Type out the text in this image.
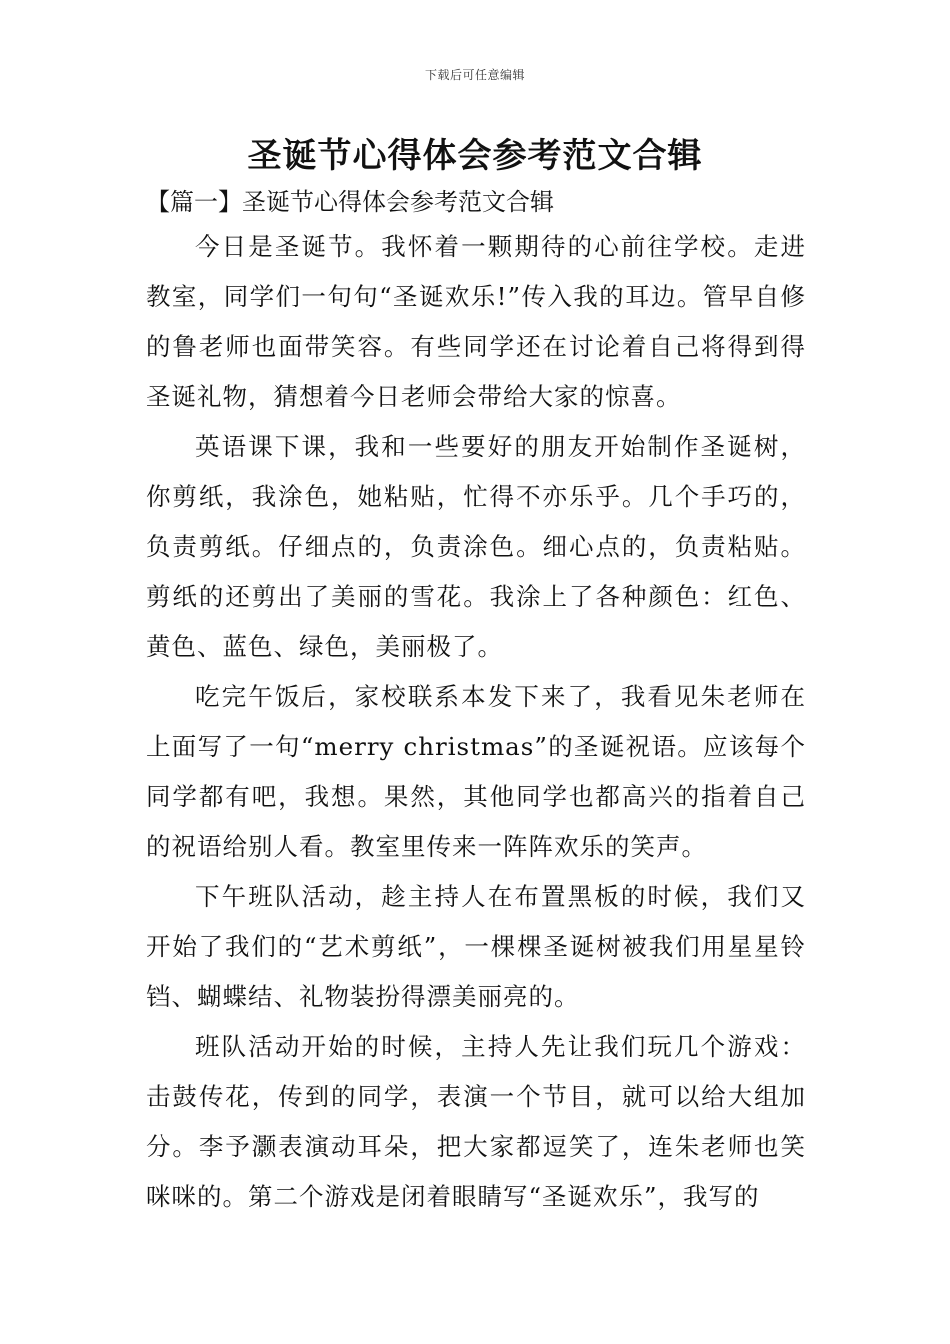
下载后可任意编辑
圣诞节心得体会参考范文合辑
【篇一】圣诞节心得体会参考范文合辑

今日是圣诞节。我怀着一颗期待的心前往学校。走进教室，同学们一句句“圣诞欢乐!”传入我的耳边。管早自修的鲁老师也面带笑容。有些同学还在讨论着自己将得到得圣诞礼物，猜想着今日老师会带给大家的惊喜。

英语课下课，我和一些要好的朋友开始制作圣诞树，你剪纸，我涂色，她粘贴，忙得不亦乐乎。几个手巧的，负责剪纸。仔细点的，负责涂色。细心点的，负责粘贴。剪纸的还剪出了美丽的雪花。我涂上了各种颜色：红色、黄色、蓝色、绿色，美丽极了。

吃完午饭后，家校联系本发下来了，我看见朱老师在上面写了一句“merry christmas”的圣诞祝语。应该每个同学都有吧，我想。果然，其他同学也都高兴的指着自己的祝语给别人看。教室里传来一阵阵欢乐的笑声。

下午班队活动，趁主持人在布置黑板的时候，我们又开始了我们的“艺术剪纸”，一棵棵圣诞树被我们用星星铃铛、蝴蝶结、礼物装扮得漂美丽亮的。

班队活动开始的时候，主持人先让我们玩几个游戏：击鼓传花，传到的同学，表演一个节目，就可以给大组加分。李予灏表演动耳朵，把大家都逗笑了，连朱老师也笑咪咪的。第二个游戏是闭着眼睛写“圣诞欢乐”，我写的
